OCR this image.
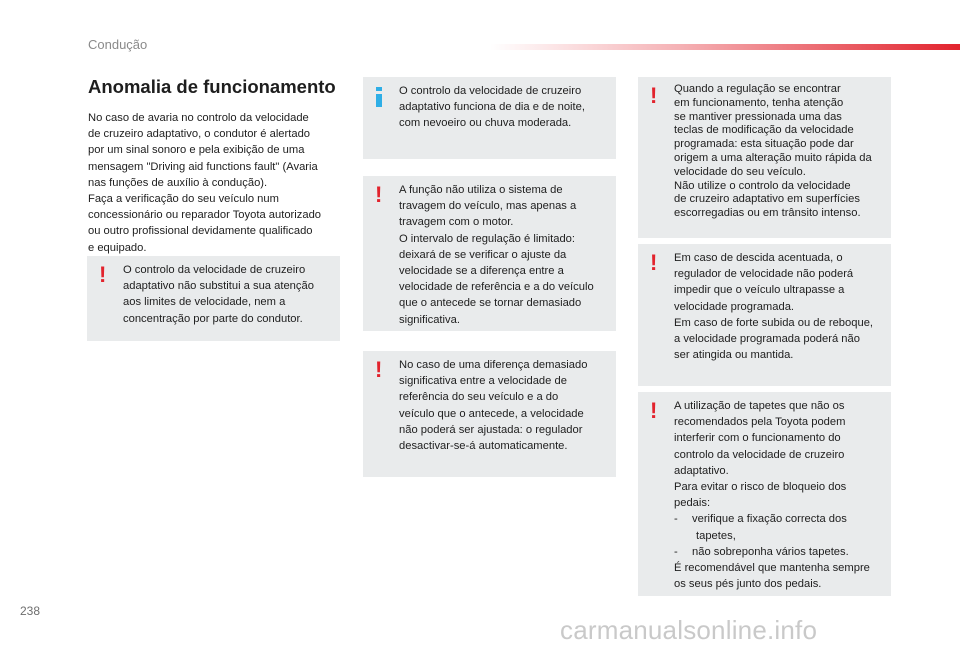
Condução
Anomalia de funcionamento

No caso de avaria no controlo da velocidade
de cruzeiro adaptativo, o condutor é alertado
por um sinal sonoro e pela exibição de uma
mensagem "Driving aid functions fault" (Avaria
nas funções de auxílio à condução).
Faça a verificação do seu veículo num
concessionário ou reparador Toyota autorizado
ou outro profissional devidamente qualificado
e equipado.

! O controlo da velocidade de cruzeiro
adaptativo não substitui a sua atenção
aos limites de velocidade, nem a
concentração por parte do condutor.

O controlo da velocidade de cruzeiro
adaptativo funciona de dia e de noite,
com nevoeiro ou chuva moderada.

! A função não utiliza o sistema de
travagem do veículo, mas apenas a
travagem com o motor.
O intervalo de regulação é limitado:
deixará de se verificar o ajuste da
velocidade se a diferença entre a
velocidade de referência e a do veículo
que o antecede se tornar demasiado
significativa.

! No caso de uma diferença demasiado
significativa entre a velocidade de
referência do seu veículo e a do
veículo que o antecede, a velocidade
não poderá ser ajustada: o regulador
desactivar-se-á automaticamente.

! Quando a regulação se encontrar
em funcionamento, tenha atenção
se mantiver pressionada uma das
teclas de modificação da velocidade
programada: esta situação pode dar
origem a uma alteração muito rápida da
velocidade do seu veículo.
Não utilize o controlo da velocidade
de cruzeiro adaptativo em superfícies
escorregadias ou em trânsito intenso.

! Em caso de descida acentuada, o
regulador de velocidade não poderá
impedir que o veículo ultrapasse a
velocidade programada.
Em caso de forte subida ou de reboque,
a velocidade programada poderá não
ser atingida ou mantida.

! A utilização de tapetes que não os
recomendados pela Toyota podem
interferir com o funcionamento do
controlo da velocidade de cruzeiro
adaptativo.
Para evitar o risco de bloqueio dos
pedais:
- verifique a fixação correcta dos
tapetes,
- não sobreponha vários tapetes.
É recomendável que mantenha sempre
os seus pés junto dos pedais.

238
carmanualsonline.info
